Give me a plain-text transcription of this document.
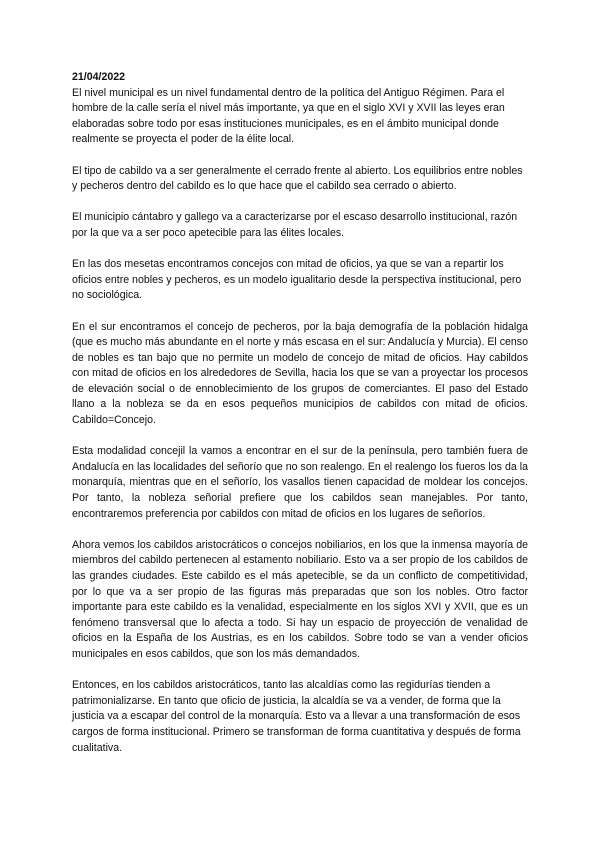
21/04/2022

El nivel municipal es un nivel fundamental dentro de la política del Antiguo Régimen. Para el hombre de la calle sería el nivel más importante, ya que en el siglo XVI y XVII las leyes eran elaboradas sobre todo por esas instituciones municipales, es en el ámbito municipal donde realmente se proyecta el poder de la élite local.

El tipo de cabildo va a ser generalmente el cerrado frente al abierto. Los equilibrios entre nobles y pecheros dentro del cabildo es lo que hace que el cabildo sea cerrado o abierto.

El municipio cántabro y gallego va a caracterizarse por el escaso desarrollo institucional, razón por la que va a ser poco apetecible para las élites locales.

En las dos mesetas encontramos concejos con mitad de oficios, ya que se van a repartir los oficios entre nobles y pecheros, es un modelo igualitario desde la perspectiva institucional, pero no sociológica.

En el sur encontramos el concejo de pecheros, por la baja demografía de la población hidalga (que es mucho más abundante en el norte y más escasa en el sur: Andalucía y Murcia). El censo de nobles es tan bajo que no permite un modelo de concejo de mitad de oficios. Hay cabildos con mitad de oficios en los alrededores de Sevilla, hacia los que se van a proyectar los procesos de elevación social o de ennoblecimiento de los grupos de comerciantes. El paso del Estado llano a la nobleza se da en esos pequeños municipios de cabildos con mitad de oficios. Cabildo=Concejo.

Esta modalidad concejil la vamos a encontrar en el sur de la península, pero también fuera de Andalucía en las localidades del señorío que no son realengo. En el realengo los fueros los da la monarquía, mientras que en el señorío, los vasallos tienen capacidad de moldear los concejos. Por tanto, la nobleza señorial prefiere que los cabildos sean manejables. Por tanto, encontraremos preferencia por cabildos con mitad de oficios en los lugares de señoríos.

Ahora vemos los cabildos aristocráticos o concejos nobiliarios, en los que la inmensa mayoría de miembros del cabildo pertenecen al estamento nobiliario. Esto va a ser propio de los cabildos de las grandes ciudades. Este cabildo es el más apetecible, se da un conflicto de competitividad, por lo que va a ser propio de las figuras más preparadas que son los nobles. Otro factor importante para este cabildo es la venalidad, especialmente en los siglos XVI y XVII, que es un fenómeno transversal que lo afecta a todo. Si hay un espacio de proyección de venalidad de oficios en la España de los Austrias, es en los cabildos. Sobre todo se van a vender oficios municipales en esos cabildos, que son los más demandados.

Entonces, en los cabildos aristocráticos, tanto las alcaldías como las regidurías tienden a patrimonializarse. En tanto que oficio de justicia, la alcaldía se va a vender, de forma que la justicia va a escapar del control de la monarquía. Esto va a llevar a una transformación de esos cargos de forma institucional. Primero se transforman de forma cuantitativa y después de forma cualitativa.
